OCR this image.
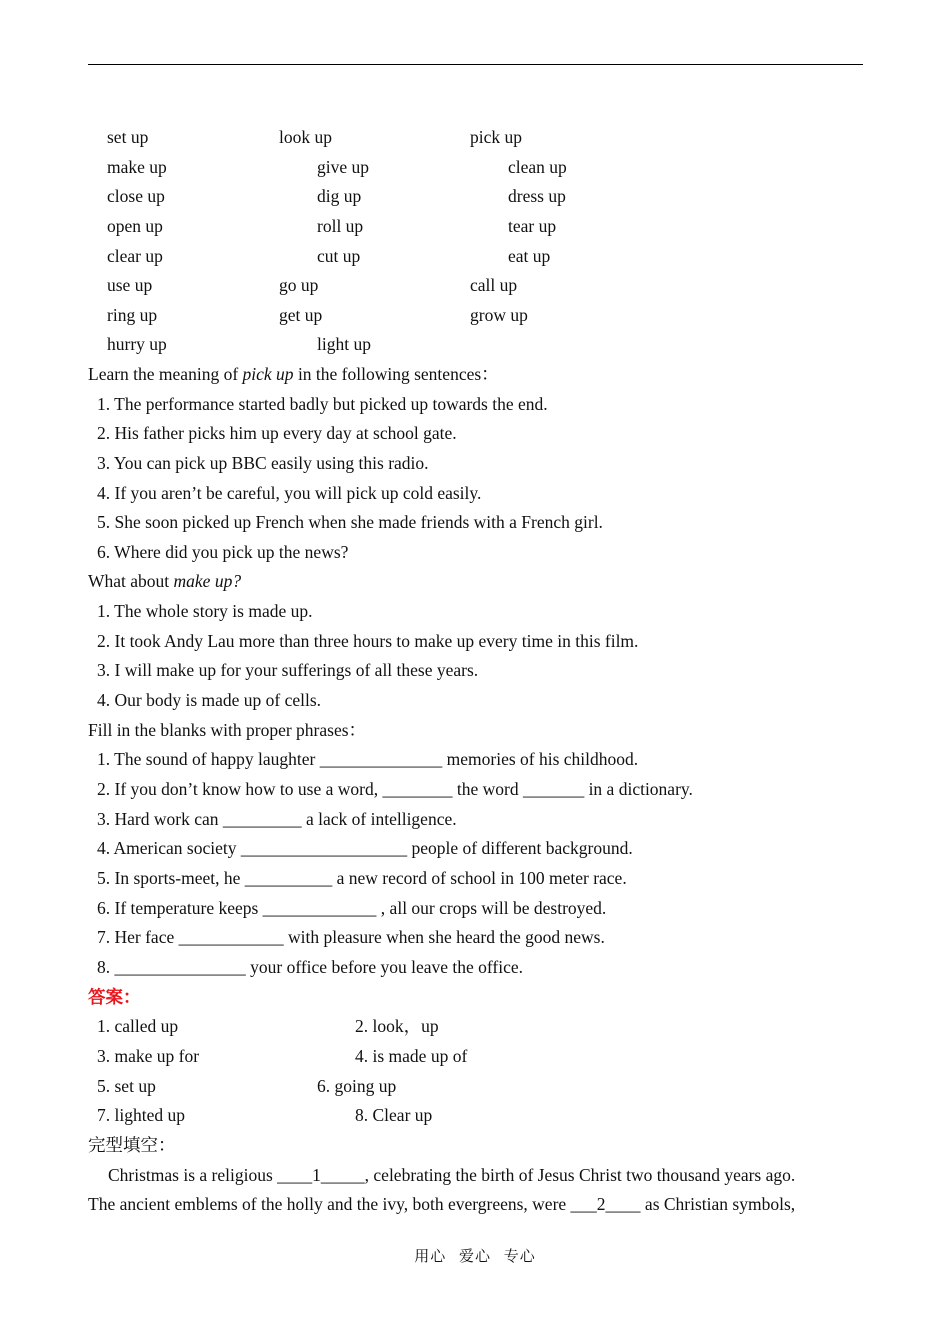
set up	look up	pick up
make up	give up	clean up
close up	dig up	dress up
open up	roll up	tear up
clear up	cut up	eat up
use up	go up	call up
ring up	get up	grow up
hurry up	light up
Learn the meaning of pick up in the following sentences：
1. The performance started badly but picked up towards the end.
2. His father picks him up every day at school gate.
3. You can pick up BBC easily using this radio.
4. If you aren’t be careful, you will pick up cold easily.
5. She soon picked up French when she made friends with a French girl.
6. Where did you pick up the news?
What about make up?
1. The whole story is made up.
2. It took Andy Lau more than three hours to make up every time in this film.
3. I will make up for your sufferings of all these years.
4. Our body is made up of cells.
Fill in the blanks with proper phrases：
1. The sound of happy laughter ______________ memories of his childhood.
2. If you don’t know how to use a word, ________ the word _______ in a dictionary.
3. Hard work can _________ a lack of intelligence.
4. American society ___________________ people of different background.
5. In sports-meet, he __________ a new record of school in 100 meter race.
6. If temperature keeps _____________ , all our crops will be destroyed.
7. Her face ____________ with pleasure when she heard the good news.
8. _______________ your office before you leave the office.
答案：
1. called up	2. look，up
3. make up for	4. is made up of
5. set up	6. going up
7. lighted up	8. Clear up
完型填空：
Christmas is a religious ____1_____, celebrating the birth of Jesus Christ two thousand years ago.
The ancient emblems of the holly and the ivy, both evergreens, were ___2____ as Christian symbols,
用心 爱心 专心
